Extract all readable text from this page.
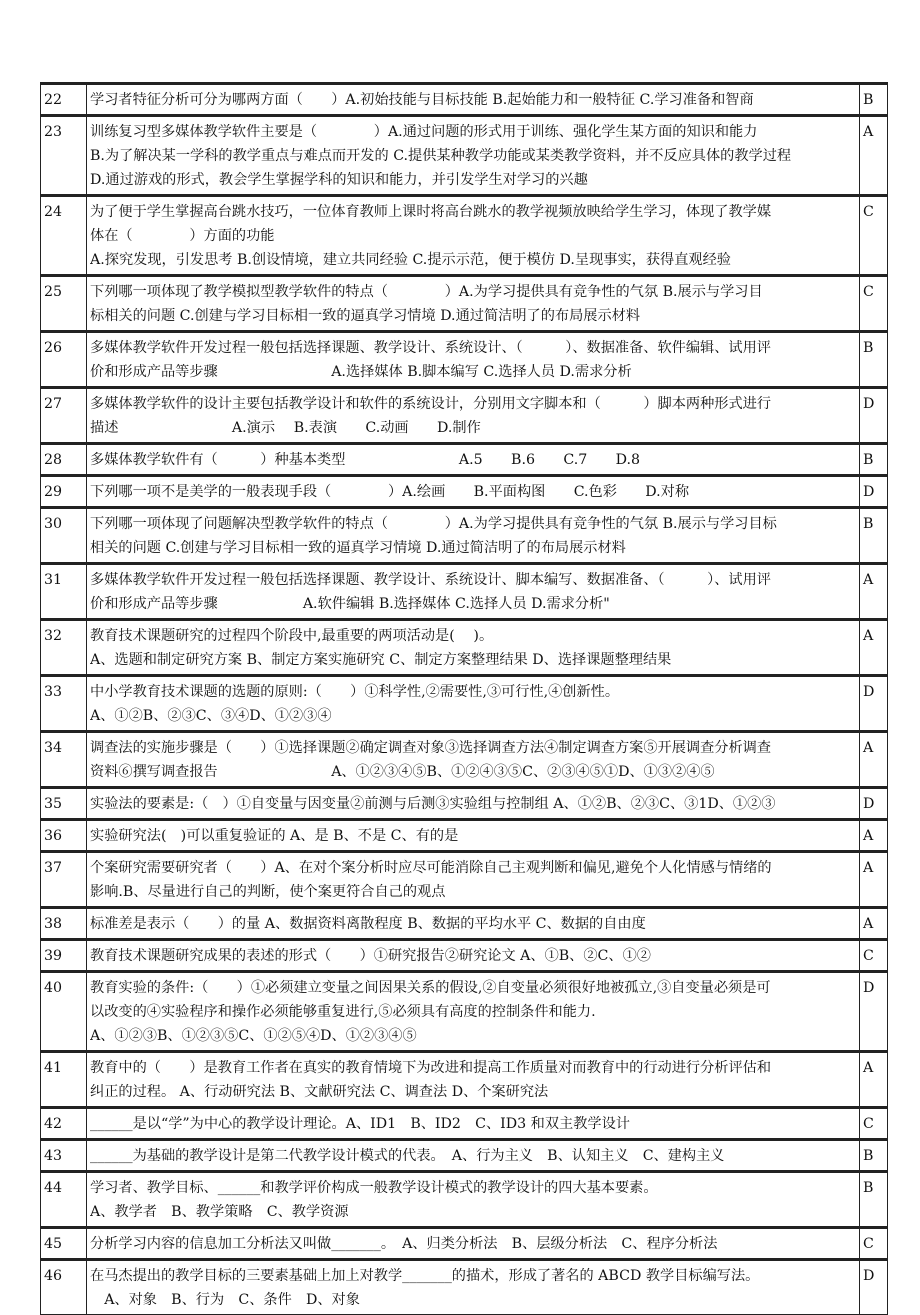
22	学习者特征分析可分为哪两方面（　　）A.初始技能与目标技能 B.起始能力和一般特征 C.学习准备和智商	B
23	训练复习型多媒体教学软件主要是（　　　　）A.通过问题的形式用于训练、强化学生某方面的知识和能力
B.为了解决某一学科的教学重点与难点而开发的 C.提供某种教学功能或某类教学资料，并不反应具体的教学过程
D.通过游戏的形式，教会学生掌握学科的知识和能力，并引发学生对学习的兴趣	A
24	为了便于学生掌握高台跳水技巧，一位体育教师上课时将高台跳水的教学视频放映给学生学习，体现了教学媒
体在（　　　　）方面的功能
A.探究发现，引发思考 B.创设情境，建立共同经验 C.提示示范，便于模仿 D.呈现事实，获得直观经验	C
25	下列哪一项体现了教学模拟型教学软件的特点（　　　　）A.为学习提供具有竞争性的气氛 B.展示与学习目
标相关的问题 C.创建与学习目标相一致的逼真学习情境 D.通过简洁明了的布局展示材料	C
26	多媒体教学软件开发过程一般包括选择课题、教学设计、系统设计、（　　　）、数据准备、软件编辑、试用评
价和形成产品等步骤　　　　　　　　A.选择媒体 B.脚本编写 C.选择人员 D.需求分析	B
27	多媒体教学软件的设计主要包括教学设计和软件的系统设计，分别用文字脚本和（　　　）脚本两种形式进行
描述　　　　　　　　A.演示　 B.表演　　C.动画　　D.制作	D
28	多媒体教学软件有（　　　）种基本类型　　　　　　　　A.5　　B.6　　C.7　　D.8	B
29	下列哪一项不是美学的一般表现手段（　　　　）A.绘画　　B.平面构图　　C.色彩　　D.对称	D
30	下列哪一项体现了问题解决型教学软件的特点（　　　　）A.为学习提供具有竞争性的气氛 B.展示与学习目标
相关的问题 C.创建与学习目标相一致的逼真学习情境 D.通过简洁明了的布局展示材料	B
31	多媒体教学软件开发过程一般包括选择课题、教学设计、系统设计、脚本编写、数据准备、（　　　）、试用评
价和形成产品等步骤　　　　　　A.软件编辑 B.选择媒体 C.选择人员 D.需求分析"	A
32	教育技术课题研究的过程四个阶段中,最重要的两项活动是(　 )。
A、选题和制定研究方案 B、制定方案实施研究 C、制定方案整理结果 D、选择课题整理结果	A
33	中小学教育技术课题的选题的原则:（　　）①科学性,②需要性,③可行性,④创新性。
A、①②B、②③C、③④D、①②③④	D
34	调查法的实施步骤是（　　）①选择课题②确定调查对象③选择调查方法④制定调查方案⑤开展调查分析调查
资料⑥撰写调查报告　　　　　　　　A、①②③④⑤B、①②④③⑤C、②③④⑤①D、①③②④⑤	A
35	实验法的要素是:（　）①自变量与因变量②前测与后测③实验组与控制组 A、①②B、②③C、③1D、①②③	D
36	实验研究法(　)可以重复验证的 A、是 B、不是 C、有的是	A
37	个案研究需要研究者（　　）A、在对个案分析时应尽可能消除自己主观判断和偏见,避免个人化情感与情绪的
影响.B、尽量进行自己的判断，使个案更符合自己的观点	A
38	标准差是表示（　　）的量 A、数据资料离散程度 B、数据的平均水平 C、数据的自由度	A
39	教育技术课题研究成果的表述的形式（　　）①研究报告②研究论文 A、①B、②C、①②	C
40	教育实验的条件:（　　）①必须建立变量之间因果关系的假设,②自变量必须很好地被孤立,③自变量必须是可
以改变的④实验程序和操作必须能够重复进行,⑤必须具有高度的控制条件和能力.
A、①②③B、①②③⑤C、①②⑤④D、①②③④⑤	D
41	教育中的（　　）是教育工作者在真实的教育情境下为改进和提高工作质量对而教育中的行动进行分析评估和
纠正的过程。 A、行动研究法 B、文献研究法 C、调查法 D、个案研究法	A
42	______是以“学”为中心的教学设计理论。A、ID1　B、ID2　C、ID3 和双主教学设计	C
43	______为基础的教学设计是第二代教学设计模式的代表。　A、行为主义　B、认知主义　C、建构主义	B
44	学习者、教学目标、______和教学评价构成一般教学设计模式的教学设计的四大基本要素。
A、教学者　B、教学策略　C、教学资源	B
45	分析学习内容的信息加工分析法又叫做_______。　A、归类分析法　B、层级分析法　C、程序分析法	C
46	在马杰提出的教学目标的三要素基础上加上对教学_______的描术，形成了著名的 ABCD 教学目标编写法。
　A、对象　B、行为　C、条件　D、对象	D
